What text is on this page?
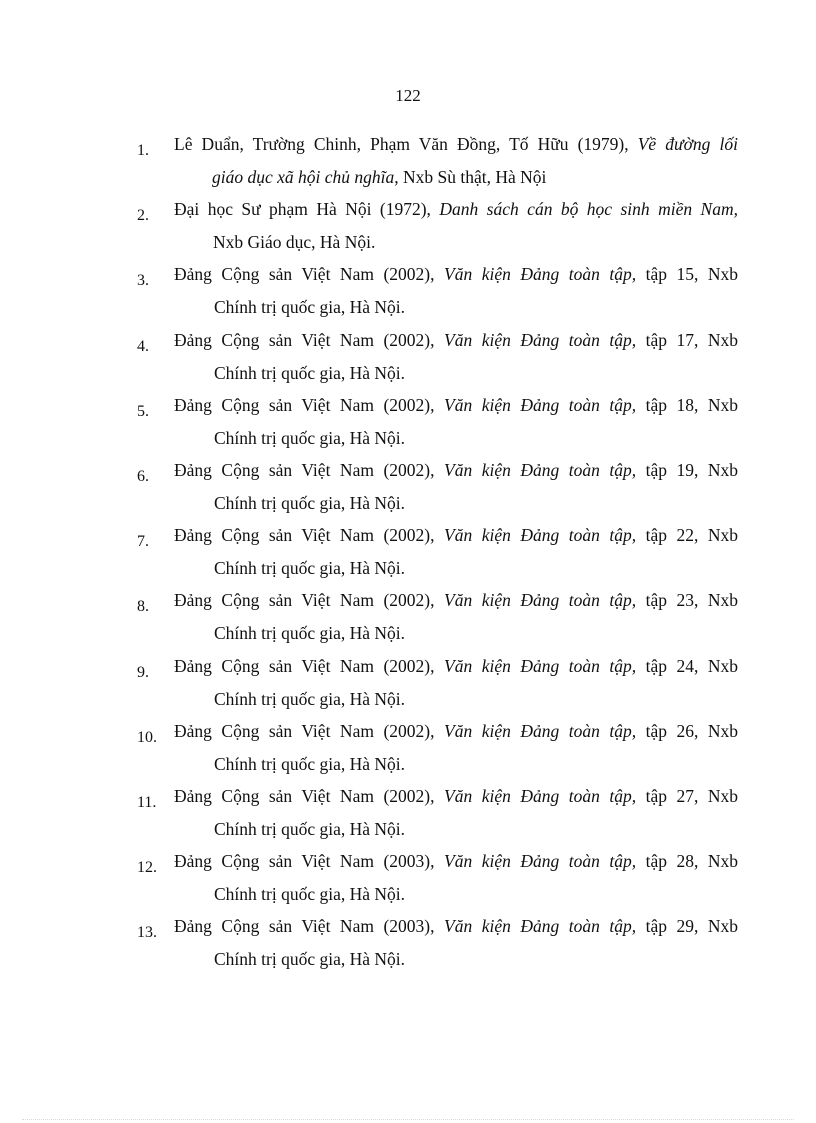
122
1. Lê Duẩn, Trường Chinh, Phạm Văn Đồng, Tố Hữu (1979), Về đường lối
giáo dục xã hội chủ nghĩa, Nxb Sù thật, Hà Nội
2. Đại học Sư phạm Hà Nội (1972), Danh sách cán bộ học sinh miền Nam,
Nxb Giáo dục, Hà Nội.
3. Đảng Cộng sản Việt Nam (2002), Văn kiện Đảng toàn tập, tập 15, Nxb
Chính trị quốc gia, Hà Nội.
4. Đảng Cộng sản Việt Nam (2002), Văn kiện Đảng toàn tập, tập 17, Nxb
Chính trị quốc gia, Hà Nội.
5. Đảng Cộng sản Việt Nam (2002), Văn kiện Đảng toàn tập, tập 18, Nxb
Chính trị quốc gia, Hà Nội.
6. Đảng Cộng sản Việt Nam (2002), Văn kiện Đảng toàn tập, tập 19, Nxb
Chính trị quốc gia, Hà Nội.
7. Đảng Cộng sản Việt Nam (2002), Văn kiện Đảng toàn tập, tập 22, Nxb
Chính trị quốc gia, Hà Nội.
8. Đảng Cộng sản Việt Nam (2002), Văn kiện Đảng toàn tập, tập 23, Nxb
Chính trị quốc gia, Hà Nội.
9. Đảng Cộng sản Việt Nam (2002), Văn kiện Đảng toàn tập, tập 24, Nxb
Chính trị quốc gia, Hà Nội.
10. Đảng Cộng sản Việt Nam (2002), Văn kiện Đảng toàn tập, tập 26, Nxb
Chính trị quốc gia, Hà Nội.
11. Đảng Cộng sản Việt Nam (2002), Văn kiện Đảng toàn tập, tập 27, Nxb
Chính trị quốc gia, Hà Nội.
12. Đảng Cộng sản Việt Nam (2003), Văn kiện Đảng toàn tập, tập 28, Nxb
Chính trị quốc gia, Hà Nội.
13. Đảng Cộng sản Việt Nam (2003), Văn kiện Đảng toàn tập, tập 29, Nxb
Chính trị quốc gia, Hà Nội.
